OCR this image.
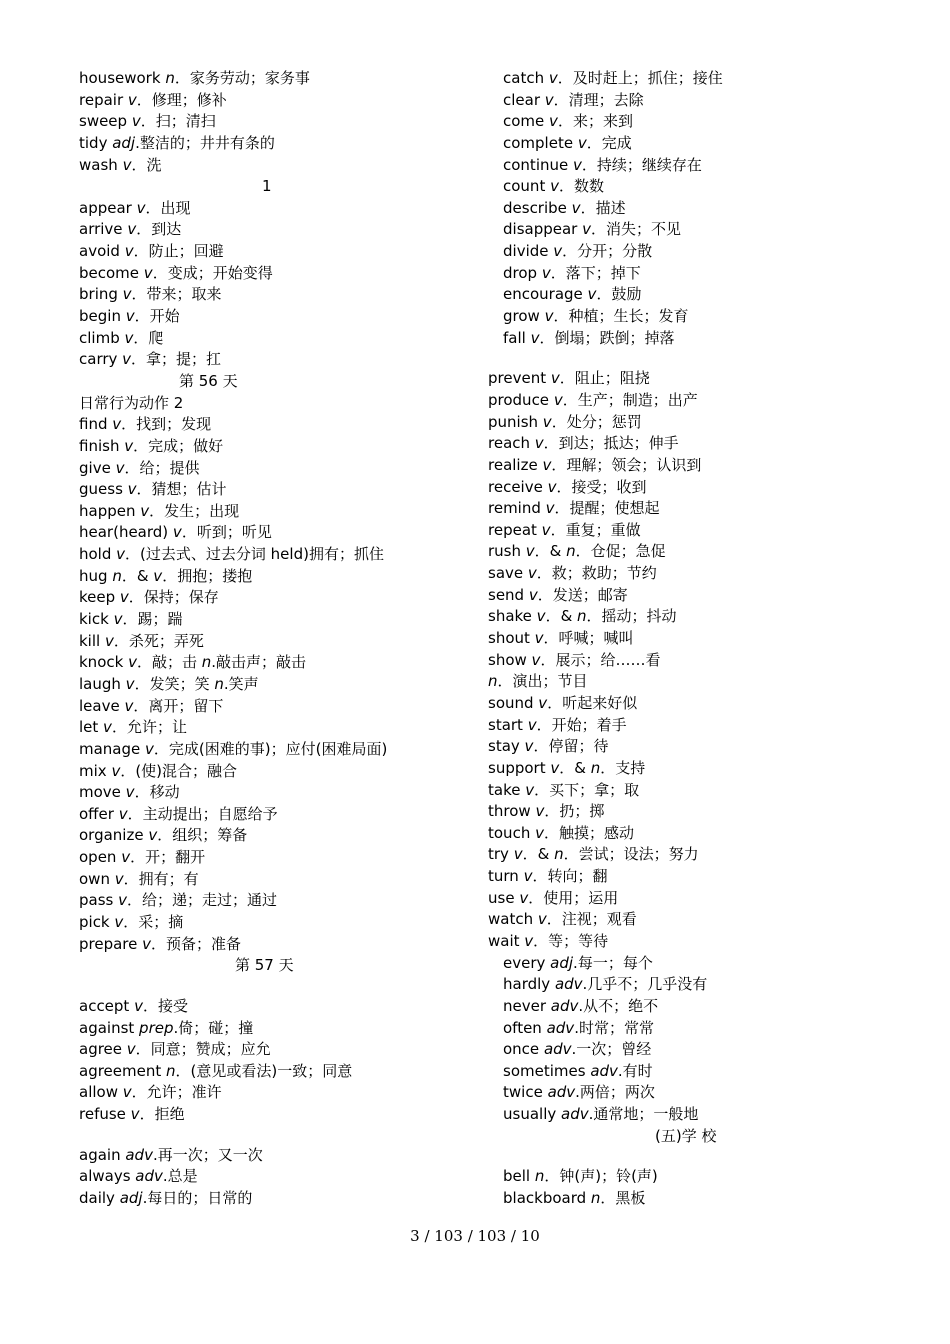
housework n．家务劳动；家务事
repair v．修理；修补
sweep v．扫；清扫
tidy adj.整洁的；井井有条的
wash v．洗
1
appear v．出现
arrive v．到达
avoid v．防止；回避
become v．变成；开始变得
bring v．带来；取来
begin v．开始
climb v．爬
carry v．拿；提；扛
第 56 天
日常行为动作 2
find v．找到；发现
finish v．完成；做好
give v．给；提供
guess v．猜想；估计
happen v．发生；出现
hear(heard) v．听到；听见
hold v．(过去式、过去分词 held)拥有；抓住
hug n．& v．拥抱；搂抱
keep v．保持；保存
kick v．踢；踹
kill v．杀死；弄死
knock v．敲；击 n.敲击声；敲击
laugh v．发笑；笑 n.笑声
leave v．离开；留下
let v．允许；让
manage v．完成(困难的事)；应付(困难局面)
mix v．(使)混合；融合
move v．移动
offer v．主动提出；自愿给予
organize v．组织；筹备
open v．开；翻开
own v．拥有；有
pass v．给；递；走过；通过
pick v．采；摘
prepare v．预备；准备
第 57 天
accept v．接受
against prep.倚；碰；撞
agree v．同意；赞成；应允
agreement n．(意见或看法)一致；同意
allow v．允许；准许
refuse v．拒绝
again adv.再一次；又一次
always adv.总是
daily adj.每日的；日常的
catch v．及时赶上；抓住；接住
clear v．清理；去除
come v．来；来到
complete v．完成
continue v．持续；继续存在
count v．数数
describe v．描述
disappear v．消失；不见
divide v．分开；分散
drop v．落下；掉下
encourage v．鼓励
grow v．种植；生长；发育
fall v．倒塌；跌倒；掉落
prevent v．阻止；阻挠
produce v．生产；制造；出产
punish v．处分；惩罚
reach v．到达；抵达；伸手
realize v．理解；领会；认识到
receive v．接受；收到
remind v．提醒；使想起
repeat v．重复；重做
rush v．& n．仓促；急促
save v．救；救助；节约
send v．发送；邮寄
shake v．& n．摇动；抖动
shout v．呼喊；喊叫
show v．展示；给……看
n．演出；节目
sound v．听起来好似
start v．开始；着手
stay v．停留；待
support v．& n．支持
take v．买下；拿；取
throw v．扔；掷
touch v．触摸；感动
try v．& n．尝试；设法；努力
turn v．转向；翻
use v．使用；运用
watch v．注视；观看
wait v．等；等待
every adj.每一；每个
hardly adv.几乎不；几乎没有
never adv.从不；绝不
often adv.时常；常常
once adv.一次；曾经
sometimes adv.有时
twice adv.两倍；两次
usually adv.通常地；一般地
(五)学 校
bell n．钟(声)；铃(声)
blackboard n．黑板
3 / 103 / 103 / 10
